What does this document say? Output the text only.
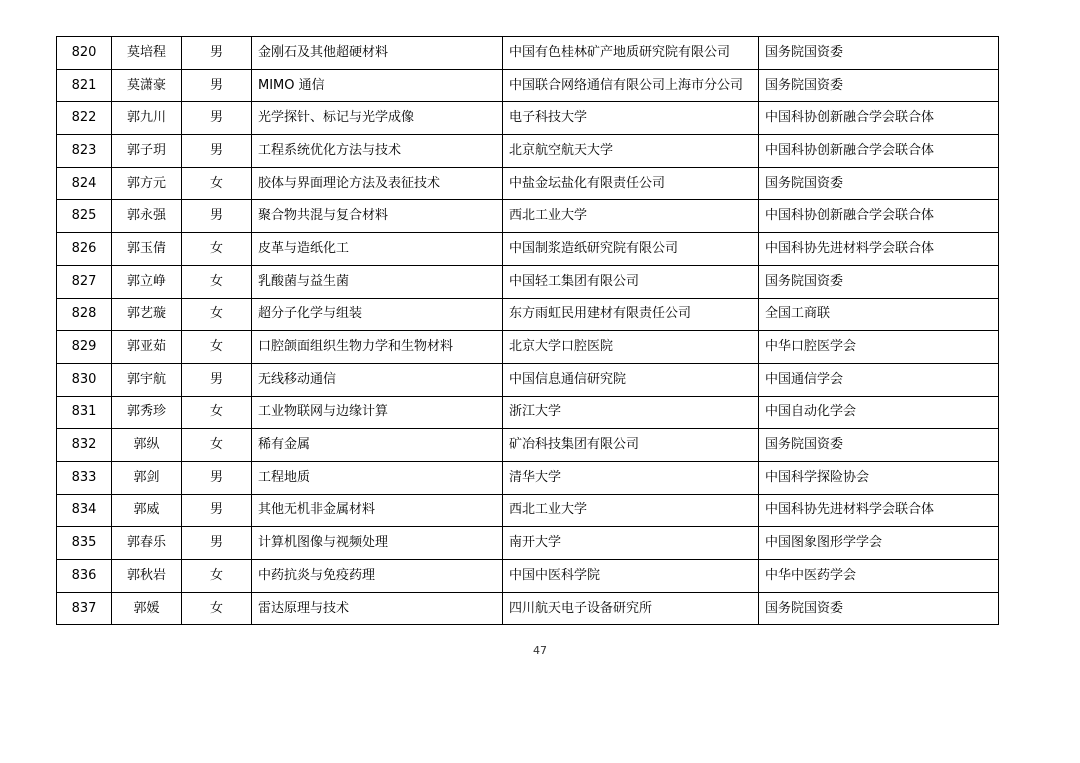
820	莫培程	男	金刚石及其他超硬材料	中国有色桂林矿产地质研究院有限公司	国务院国资委
821	莫潇豪	男	MIMO 通信	中国联合网络通信有限公司上海市分公司	国务院国资委
822	郭九川	男	光学探针、标记与光学成像	电子科技大学	中国科协创新融合学会联合体
823	郭子玥	男	工程系统优化方法与技术	北京航空航天大学	中国科协创新融合学会联合体
824	郭方元	女	胶体与界面理论方法及表征技术	中盐金坛盐化有限责任公司	国务院国资委
825	郭永强	男	聚合物共混与复合材料	西北工业大学	中国科协创新融合学会联合体
826	郭玉倩	女	皮革与造纸化工	中国制浆造纸研究院有限公司	中国科协先进材料学会联合体
827	郭立峥	女	乳酸菌与益生菌	中国轻工集团有限公司	国务院国资委
828	郭艺璇	女	超分子化学与组装	东方雨虹民用建材有限责任公司	全国工商联
829	郭亚茹	女	口腔颌面组织生物力学和生物材料	北京大学口腔医院	中华口腔医学会
830	郭宇航	男	无线移动通信	中国信息通信研究院	中国通信学会
831	郭秀珍	女	工业物联网与边缘计算	浙江大学	中国自动化学会
832	郭纵	女	稀有金属	矿冶科技集团有限公司	国务院国资委
833	郭剑	男	工程地质	清华大学	中国科学探险协会
834	郭威	男	其他无机非金属材料	西北工业大学	中国科协先进材料学会联合体
835	郭春乐	男	计算机图像与视频处理	南开大学	中国图象图形学学会
836	郭秋岩	女	中药抗炎与免疫药理	中国中医科学院	中华中医药学会
837	郭媛	女	雷达原理与技术	四川航天电子设备研究所	国务院国资委
47
